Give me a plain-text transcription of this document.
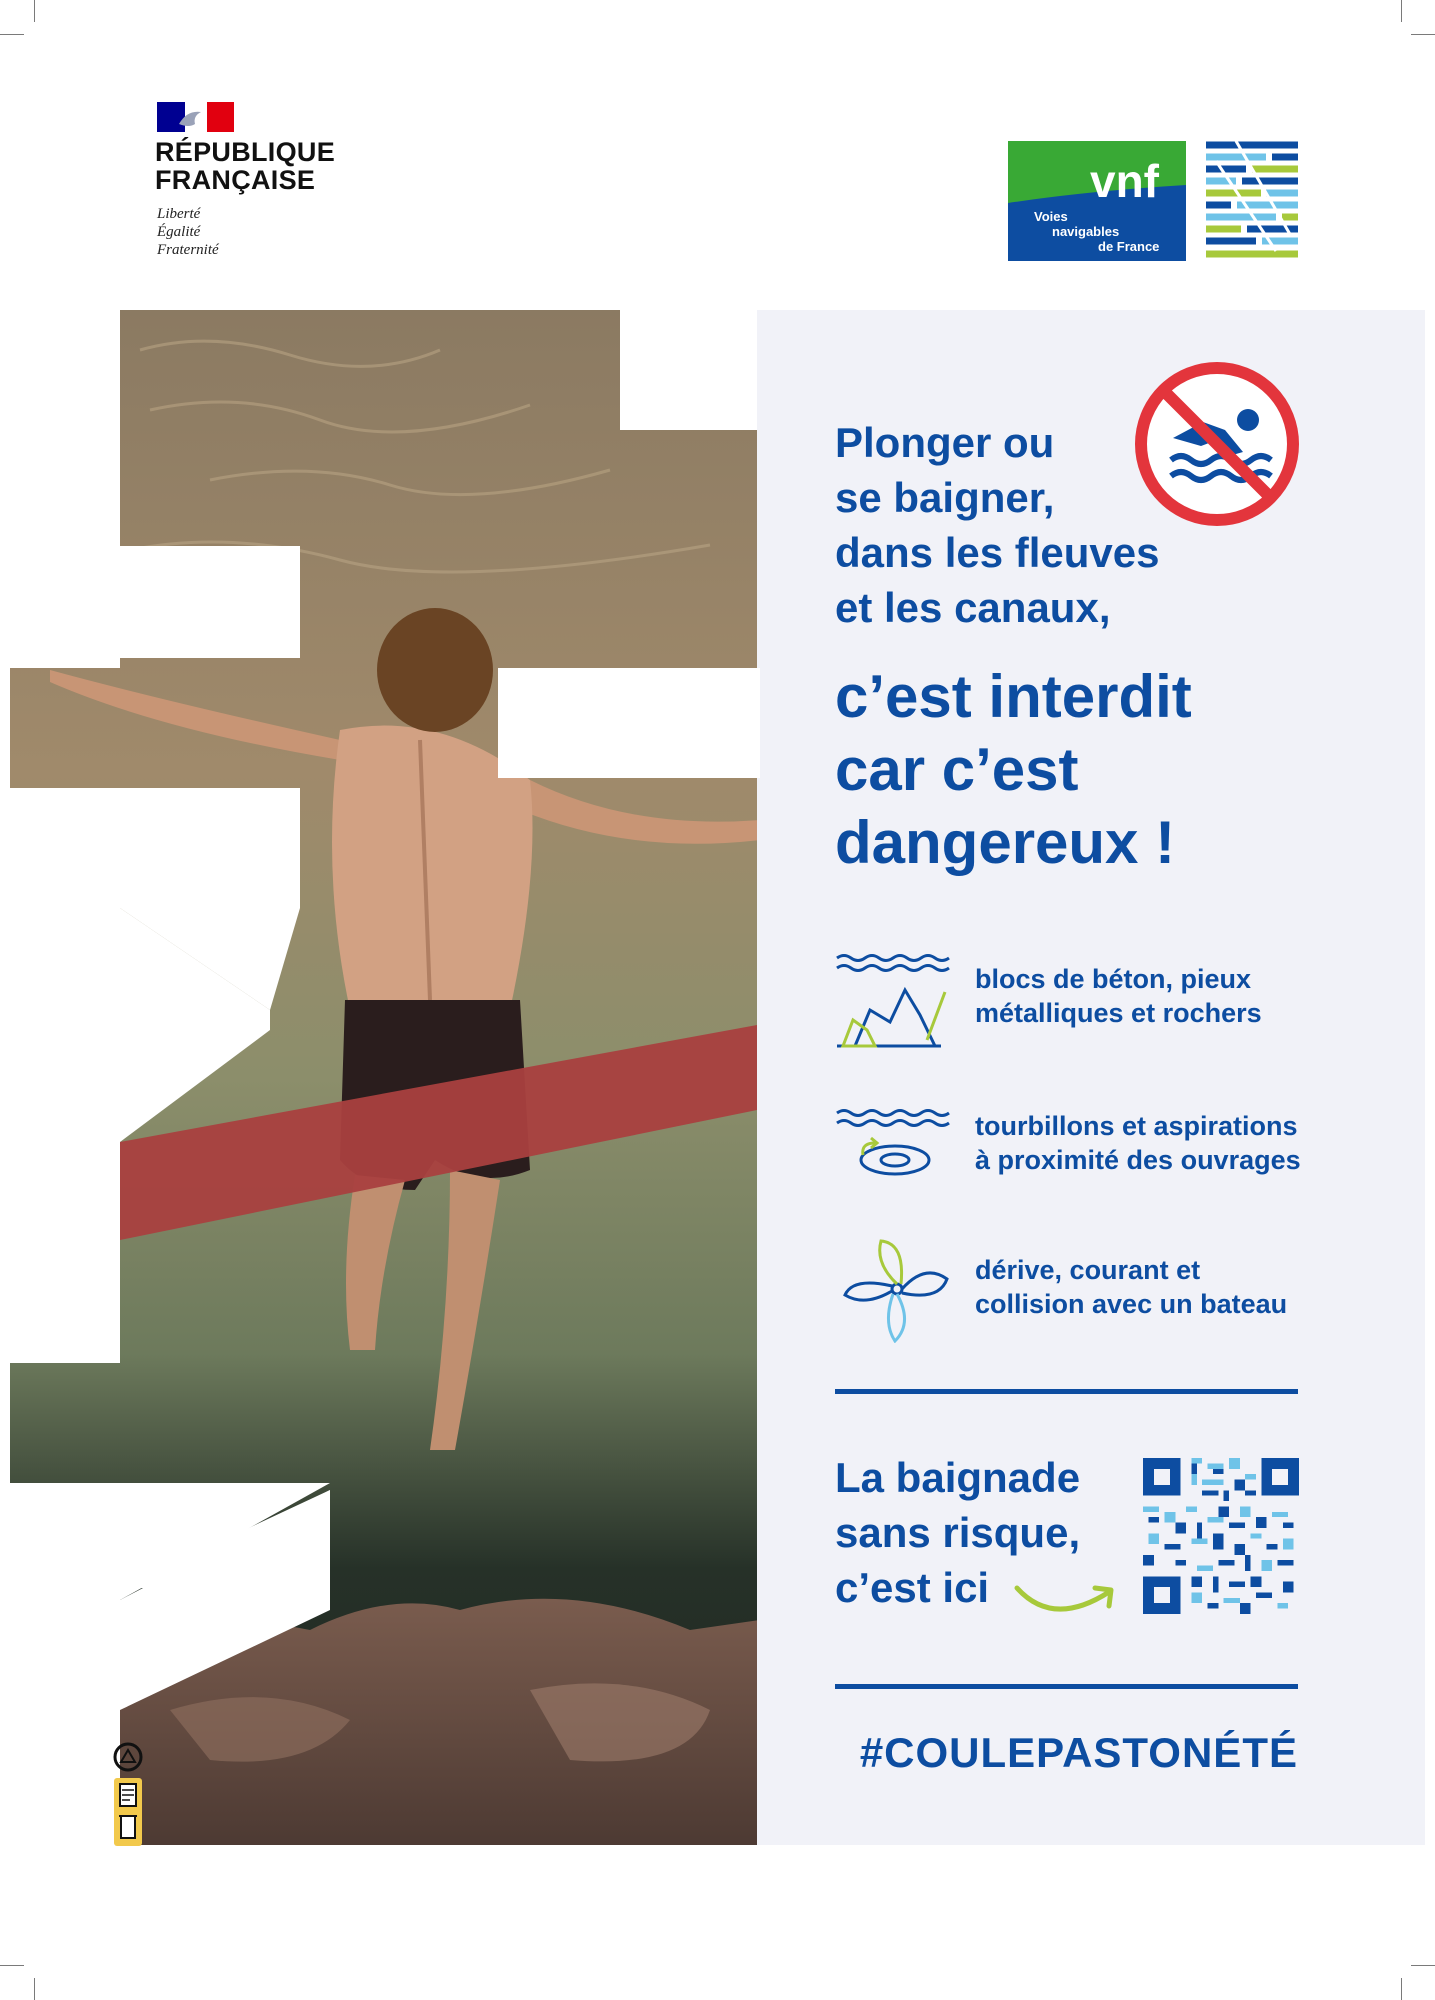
RÉPUBLIQUE
FRANÇAISE
Liberté
Égalité
Fraternité
vnf
Voies
navigables
de France
Plonger ou
se baigner,
dans les fleuves
et les canaux,
c’est interdit
car c’est
dangereux !
blocs de béton, pieux
métalliques et rochers
tourbillons et aspirations
à proximité des ouvrages
dérive, courant et
collision avec un bateau
La baignade
sans risque,
c’est ici
#COULEPASTONÉTÉ
